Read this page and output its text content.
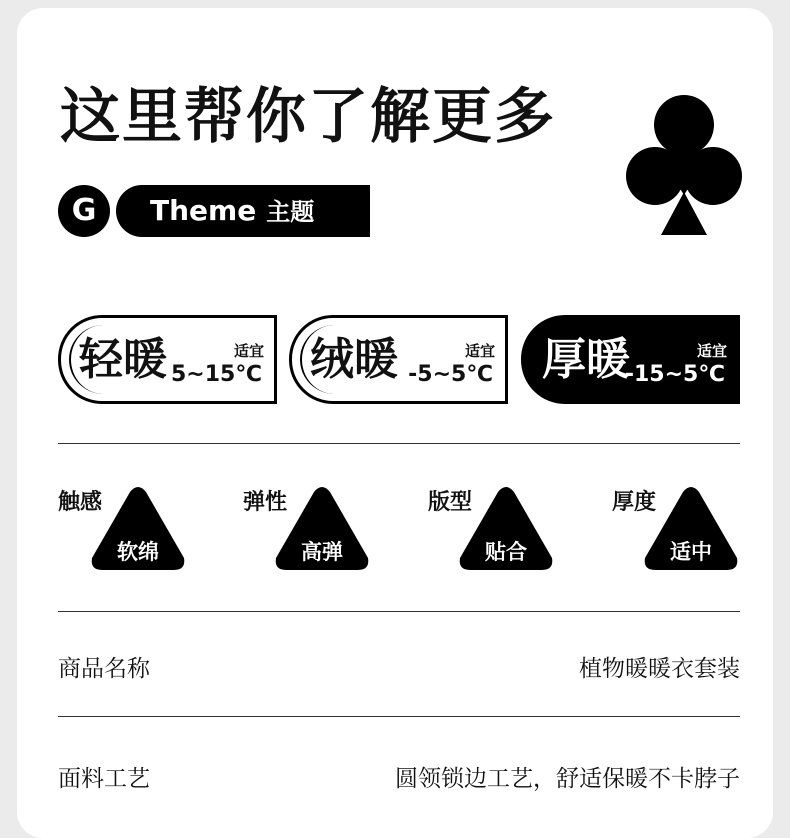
这里帮你了解更多
G	Theme 主题
轻暖	适宜
5~15℃ 绒暖	适宜
-5~5℃ 厚暖	适宜
-15~5℃
触感
软绵
弹性
高弹
版型
贴合
厚度
适中
商品名称	植物暖暖衣套装
面料工艺	圆领锁边工艺，舒适保暖不卡脖子
